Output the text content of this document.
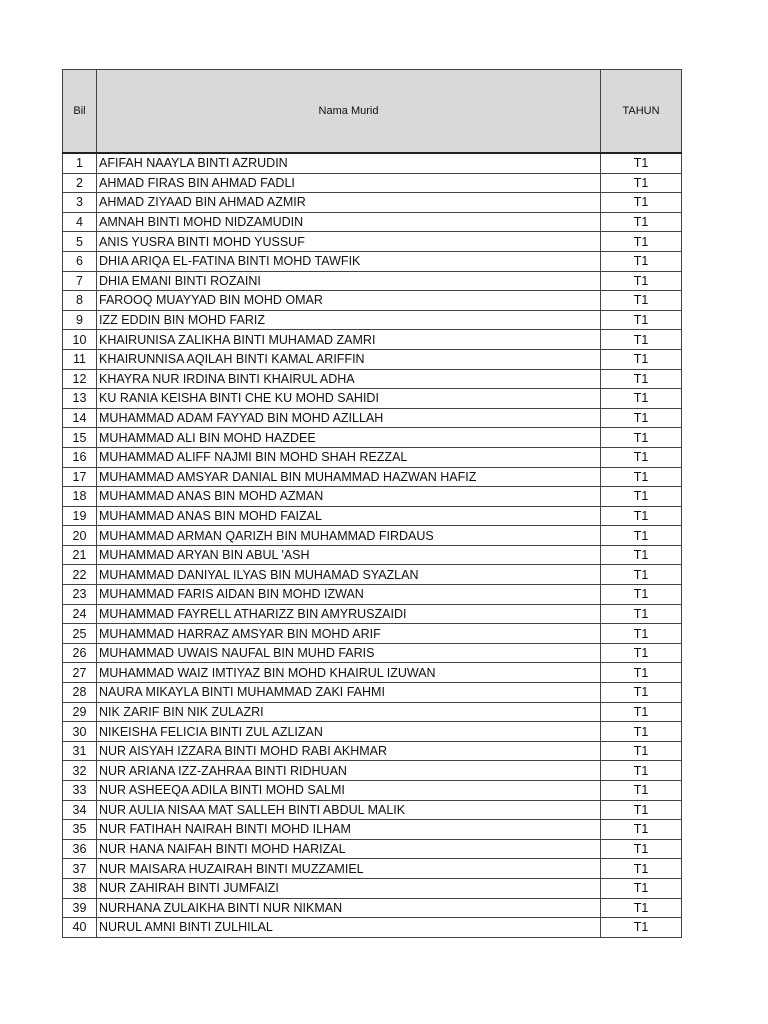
Bil	Nama Murid	TAHUN
1	AFIFAH NAAYLA BINTI AZRUDIN	T1
2	AHMAD FIRAS BIN AHMAD FADLI	T1
3	AHMAD ZIYAAD BIN AHMAD AZMIR	T1
4	AMNAH BINTI MOHD NIDZAMUDIN	T1
5	ANIS YUSRA BINTI MOHD YUSSUF	T1
6	DHIA ARIQA EL-FATINA BINTI MOHD TAWFIK	T1
7	DHIA EMANI BINTI ROZAINI	T1
8	FAROOQ MUAYYAD BIN MOHD OMAR	T1
9	IZZ EDDIN BIN MOHD FARIZ	T1
10	KHAIRUNISA ZALIKHA BINTI MUHAMAD ZAMRI	T1
11	KHAIRUNNISA AQILAH BINTI KAMAL ARIFFIN	T1
12	KHAYRA NUR IRDINA BINTI KHAIRUL ADHA	T1
13	KU RANIA KEISHA BINTI CHE KU MOHD SAHIDI	T1
14	MUHAMMAD ADAM FAYYAD BIN MOHD AZILLAH	T1
15	MUHAMMAD ALI BIN MOHD HAZDEE	T1
16	MUHAMMAD ALIFF NAJMI BIN MOHD SHAH REZZAL	T1
17	MUHAMMAD AMSYAR DANIAL BIN MUHAMMAD HAZWAN HAFIZ	T1
18	MUHAMMAD ANAS BIN MOHD AZMAN	T1
19	MUHAMMAD ANAS BIN MOHD FAIZAL	T1
20	MUHAMMAD ARMAN QARIZH BIN MUHAMMAD FIRDAUS	T1
21	MUHAMMAD ARYAN BIN ABUL 'ASH	T1
22	MUHAMMAD DANIYAL ILYAS BIN MUHAMAD SYAZLAN	T1
23	MUHAMMAD FARIS AIDAN BIN MOHD IZWAN	T1
24	MUHAMMAD FAYRELL ATHARIZZ BIN AMYRUSZAIDI	T1
25	MUHAMMAD HARRAZ AMSYAR BIN MOHD ARIF	T1
26	MUHAMMAD UWAIS NAUFAL BIN MUHD FARIS	T1
27	MUHAMMAD WAIZ IMTIYAZ BIN MOHD KHAIRUL IZUWAN	T1
28	NAURA MIKAYLA BINTI MUHAMMAD ZAKI FAHMI	T1
29	NIK ZARIF BIN NIK ZULAZRI	T1
30	NIKEISHA FELICIA BINTI ZUL AZLIZAN	T1
31	NUR AISYAH IZZARA BINTI MOHD RABI AKHMAR	T1
32	NUR ARIANA IZZ-ZAHRAA BINTI RIDHUAN	T1
33	NUR ASHEEQA ADILA BINTI MOHD SALMI	T1
34	NUR AULIA NISAA MAT SALLEH BINTI ABDUL MALIK	T1
35	NUR FATIHAH NAIRAH BINTI MOHD ILHAM	T1
36	NUR HANA NAIFAH BINTI MOHD HARIZAL	T1
37	NUR MAISARA HUZAIRAH BINTI MUZZAMIEL	T1
38	NUR ZAHIRAH BINTI JUMFAIZI	T1
39	NURHANA ZULAIKHA BINTI NUR NIKMAN	T1
40	NURUL AMNI BINTI ZULHILAL	T1
